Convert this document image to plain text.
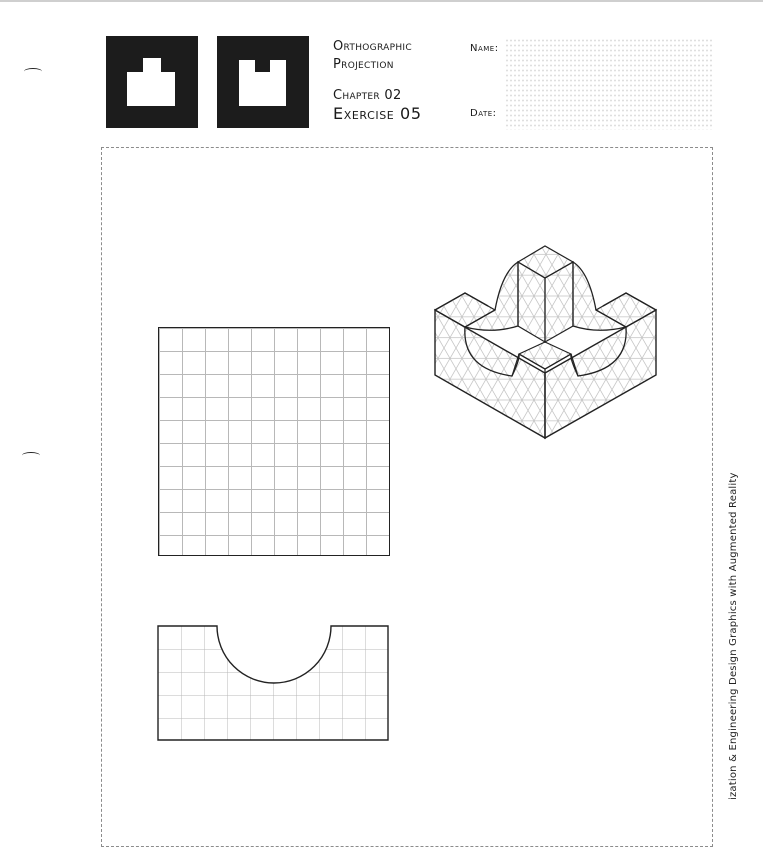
Orthographic
Projection
Chapter 02
Exercise 05
Name:
Date:
ization & Engineering Design Graphics with Augmented Reality
